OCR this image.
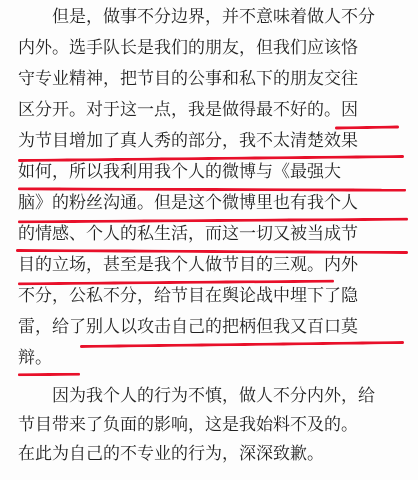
　　但是，做事不分边界，并不意味着做人不分
内外。选手队长是我们的朋友，但我们应该恪
守专业精神，把节目的公事和私下的朋友交往
区分开。对于这一点，我是做得最不好的。因
为节目增加了真人秀的部分，我不太清楚效果
如何，所以我利用我个人的微博与《最强大
脑》的粉丝沟通。但是这个微博里也有我个人
的情感、个人的私生活，而这一切又被当成节
目的立场，甚至是我个人做节目的三观。内外
不分，公私不分，给节目在舆论战中埋下了隐
雷，给了别人以攻击自己的把柄但我又百口莫
辩。
　　因为我个人的行为不慎，做人不分内外，给
节目带来了负面的影响，这是我始料不及的。
在此为自己的不专业的行为，深深致歉。
